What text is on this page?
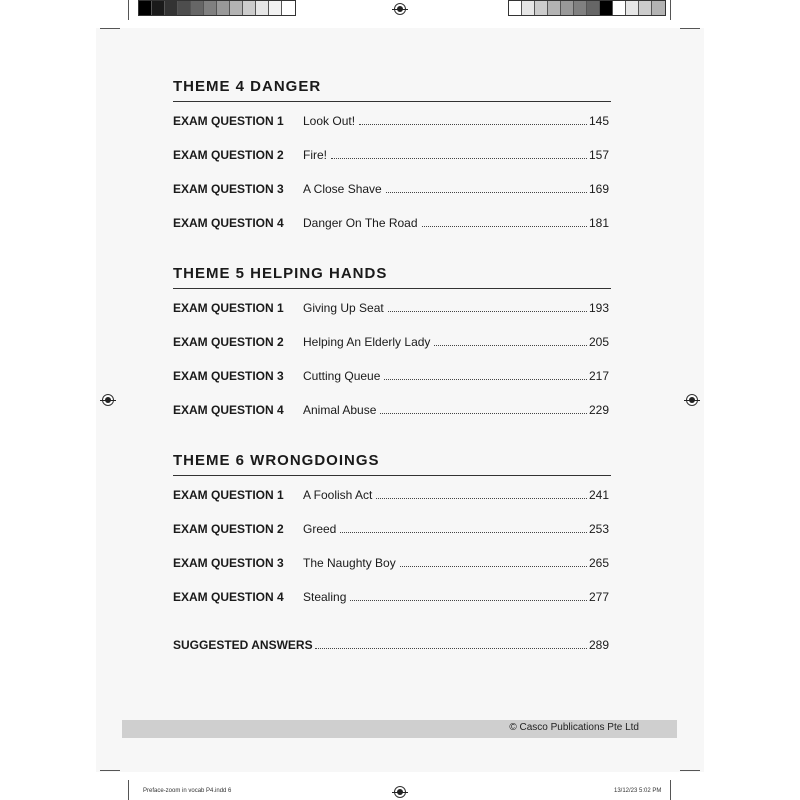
THEME 4 DANGER
EXAM QUESTION 1	Look Out!	145
EXAM QUESTION 2	Fire!	157
EXAM QUESTION 3	A Close Shave	169
EXAM QUESTION 4	Danger On The Road	181
THEME 5 HELPING HANDS
EXAM QUESTION 1	Giving Up Seat	193
EXAM QUESTION 2	Helping An Elderly Lady	205
EXAM QUESTION 3	Cutting Queue	217
EXAM QUESTION 4	Animal Abuse	229
THEME 6 WRONGDOINGS
EXAM QUESTION 1	A Foolish Act	241
EXAM QUESTION 2	Greed	253
EXAM QUESTION 3	The Naughty Boy	265
EXAM QUESTION 4	Stealing	277
SUGGESTED ANSWERS	289
© Casco Publications Pte Ltd
Preface-zoom in vocab P4.indd 6	13/12/23 5:02 PM
